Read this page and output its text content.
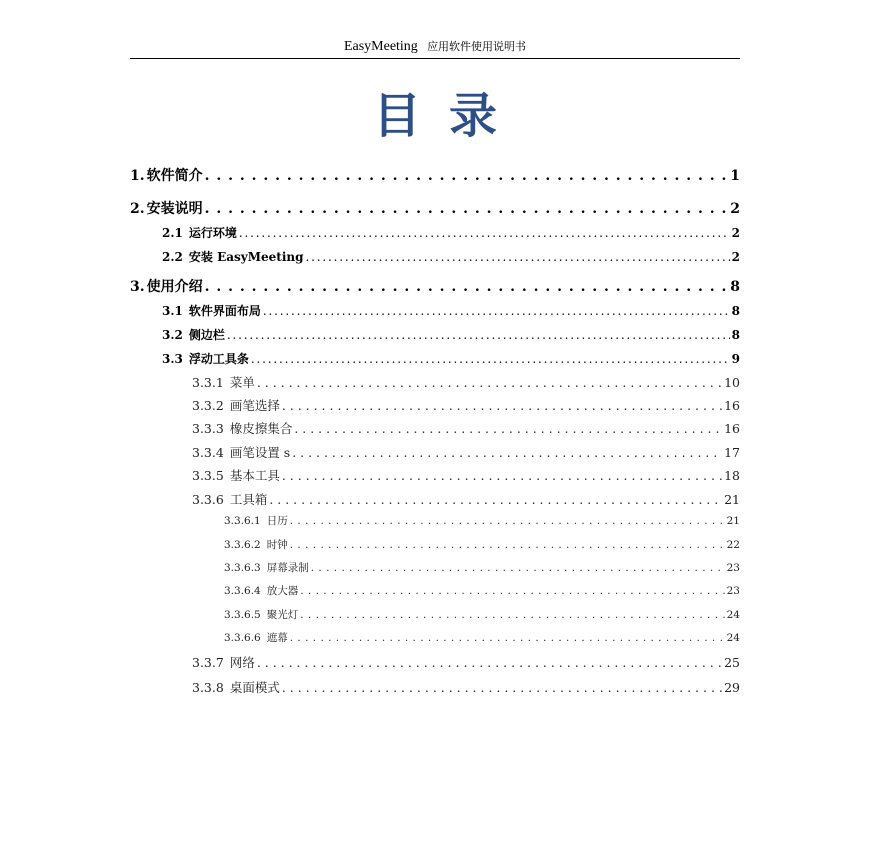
EasyMeeting 应用软件使用说明书
目录
1. 软件简介 . . .	1
2. 安装说明 . . .	2
2.1 运行环境 . . .	2
2.2 安装 EasyMeeting . . .	2
3. 使用介绍 . . .	8
3.1 软件界面布局 . . .	8
3.2 侧边栏 . . .	8
3.3 浮动工具条 . . .	9
3.3.1 菜单 . . .	10
3.3.2 画笔选择 . . .	16
3.3.3 橡皮擦集合 . . .	16
3.3.4 画笔设置 s . . .	17
3.3.5 基本工具 . . .	18
3.3.6 工具箱 . . .	21
3.3.6.1 日历 . . .	21
3.3.6.2 时钟 . . .	22
3.3.6.3 屏幕录制 . . .	23
3.3.6.4 放大器 . . .	23
3.3.6.5 聚光灯 . . .	24
3.3.6.6 遮幕 . . .	24
3.3.7 网络 . . .	25
3.3.8 桌面模式 . . .	29
